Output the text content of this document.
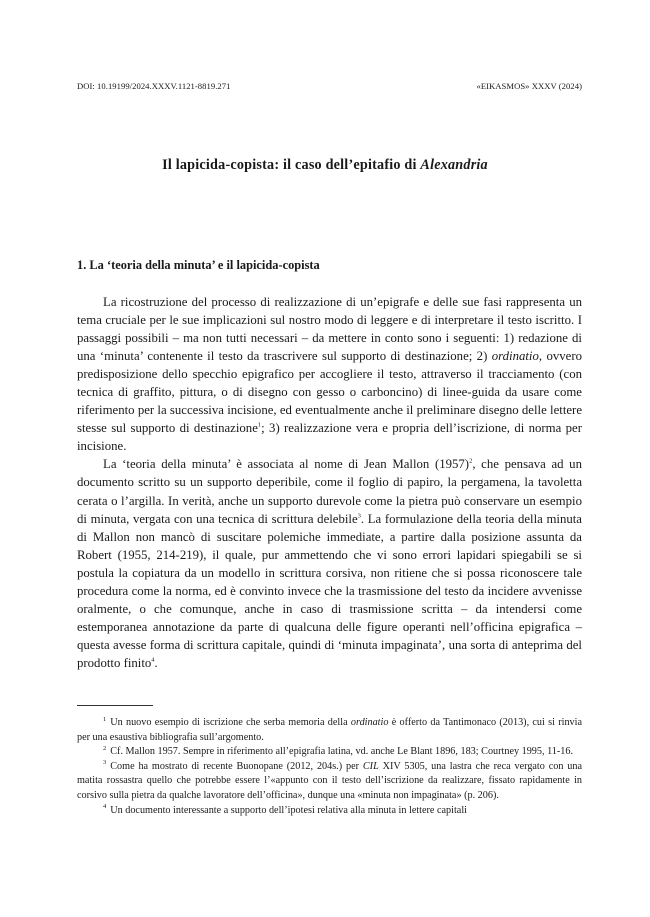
DOI: 10.19199/2024.XXXV.1121-8819.271	«EIKASMOS» XXXV (2024)
Il lapicida-copista: il caso dell’epitafio di Alexandria
1. La ‘teoria della minuta’ e il lapicida-copista

La ricostruzione del processo di realizzazione di un’epigrafe e delle sue fasi rappresenta un tema cruciale per le sue implicazioni sul nostro modo di leggere e di interpretare il testo iscritto. I passaggi possibili – ma non tutti necessari – da mettere in conto sono i seguenti: 1) redazione di una ‘minuta’ contenente il testo da trascrivere sul supporto di destinazione; 2) ordinatio, ovvero predisposizione dello specchio epigrafico per accogliere il testo, attraverso il tracciamento (con tecnica di graffito, pittura, o di disegno con gesso o carboncino) di linee-guida da usare come riferimento per la successiva incisione, ed eventualmente anche il preliminare disegno delle lettere stesse sul supporto di destinazione$^1$; 3) realizzazione vera e propria dell’iscrizione, di norma per incisione.

La ‘teoria della minuta’ è associata al nome di Jean Mallon $(1957)^2$, che pensava ad un documento scritto su un supporto deperibile, come il foglio di papiro, la pergamena, la tavoletta cerata o l’argilla. In verità, anche un supporto durevole come la pietra può conservare un esempio di minuta, vergata con una tecnica di scrittura delebile$^3$. La formulazione della teoria della minuta di Mallon non mancò di suscitare polemiche immediate, a partire dalla posizione assunta da Robert (1955, 214-219), il quale, pur ammettendo che vi sono errori lapidari spiegabili se si postula la copiatura da un modello in scrittura corsiva, non ritiene che si possa riconoscere tale procedura come la norma, ed è convinto invece che la trasmissione del testo da incidere avvenisse oralmente, o che comunque, anche in caso di trasmissione scritta – da intendersi come estemporanea annotazione da parte di qualcuna delle figure operanti nell’officina epigrafica – questa avesse forma di scrittura capitale, quindi di ‘minuta impaginata’, una sorta di anteprima del prodotto finito$^4$.

$^1$ Un nuovo esempio di iscrizione che serba memoria della ordinatio è offerto da Tantimonaco (2013), cui si rinvia per una esaustiva bibliografia sull’argomento.

$^2$ Cf. Mallon 1957. Sempre in riferimento all’epigrafia latina, vd. anche Le Blant 1896, 183; Courtney 1995, 11-16.

$^3$ Come ha mostrato di recente Buonopane (2012, 204s.) per CIL XIV 5305, una lastra che reca vergato con una matita rossastra quello che potrebbe essere l’«appunto con il testo dell’iscrizione da realizzare, fissato rapidamente in corsivo sulla pietra da qualche lavoratore dell’officina», dunque una «minuta non impaginata» (p. 206).

$^4$ Un documento interessante a supporto dell’ipotesi relativa alla minuta in lettere capitali
